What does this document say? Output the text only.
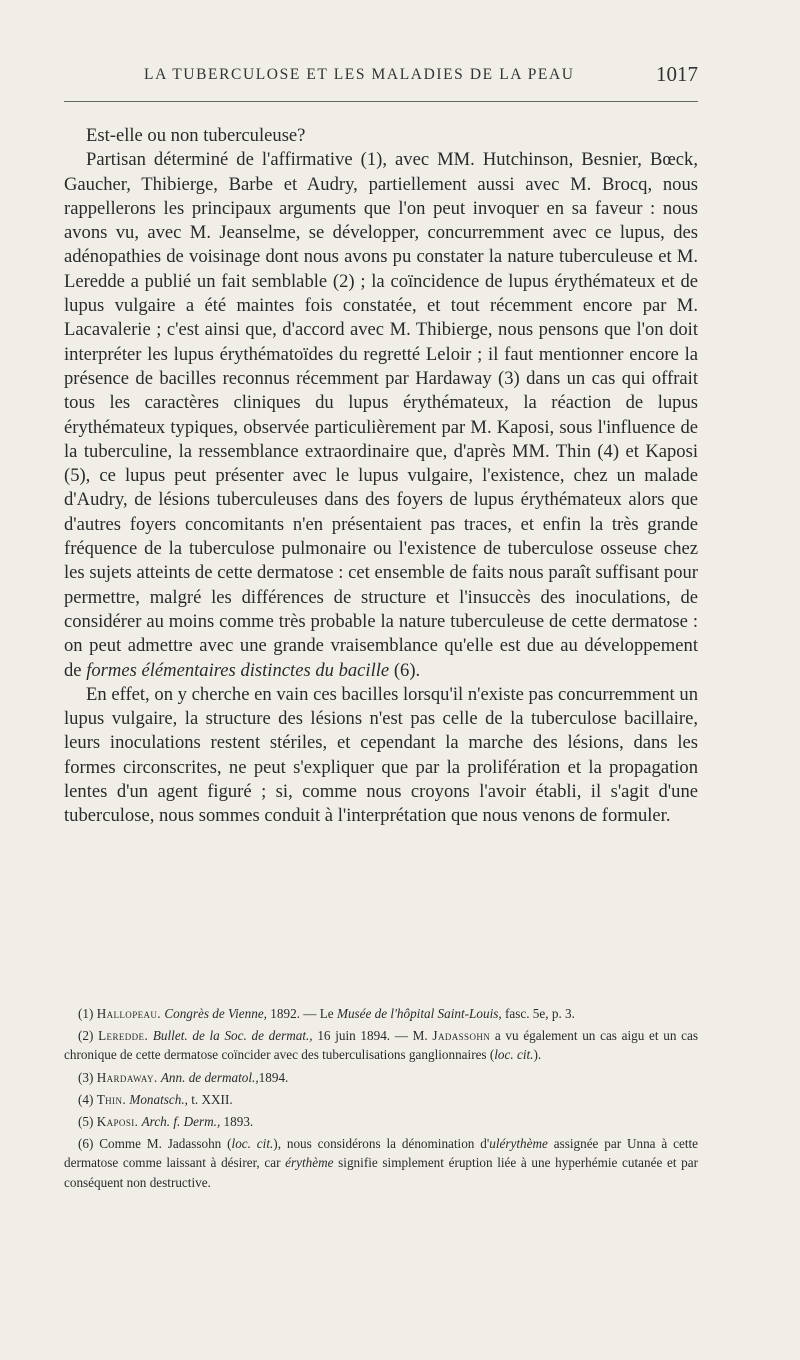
LA TUBERCULOSE ET LES MALADIES DE LA PEAU	1017

Est-elle ou non tuberculeuse?

Partisan déterminé de l'affirmative (1), avec MM. Hutchinson, Besnier, Bœck, Gaucher, Thibierge, Barbe et Audry, partiellement aussi avec M. Brocq, nous rappellerons les principaux arguments que l'on peut invoquer en sa faveur : nous avons vu, avec M. Jeanselme, se développer, concurremment avec ce lupus, des adénopathies de voisinage dont nous avons pu constater la nature tuberculeuse et M. Leredde a publié un fait semblable (2) ; la coïncidence de lupus érythémateux et de lupus vulgaire a été maintes fois constatée, et tout récemment encore par M. Lacavalerie ; c'est ainsi que, d'accord avec M. Thibierge, nous pensons que l'on doit interpréter les lupus érythématoïdes du regretté Leloir ; il faut mentionner encore la présence de bacilles reconnus récemment par Hardaway (3) dans un cas qui offrait tous les caractères cliniques du lupus érythémateux, la réaction de lupus érythémateux typiques, observée particulièrement par M. Kaposi, sous l'influence de la tuberculine, la ressemblance extraordinaire que, d'après MM. Thin (4) et Kaposi (5), ce lupus peut présenter avec le lupus vulgaire, l'existence, chez un malade d'Audry, de lésions tuberculeuses dans des foyers de lupus érythémateux alors que d'autres foyers concomitants n'en présentaient pas traces, et enfin la très grande fréquence de la tuberculose pulmonaire ou l'existence de tuberculose osseuse chez les sujets atteints de cette dermatose : cet ensemble de faits nous paraît suffisant pour permettre, malgré les différences de structure et l'insuccès des inoculations, de considérer au moins comme très probable la nature tuberculeuse de cette dermatose : on peut admettre avec une grande vraisemblance qu'elle est due au développement de formes élémentaires distinctes du bacille (6).

En effet, on y cherche en vain ces bacilles lorsqu'il n'existe pas concurremment un lupus vulgaire, la structure des lésions n'est pas celle de la tuberculose bacillaire, leurs inoculations restent stériles, et cependant la marche des lésions, dans les formes circonscrites, ne peut s'expliquer que par la prolifération et la propagation lentes d'un agent figuré ; si, comme nous croyons l'avoir établi, il s'agit d'une tuberculose, nous sommes conduit à l'interprétation que nous venons de formuler.

(1) Hallopeau. Congrès de Vienne, 1892. — Le Musée de l'hôpital Saint-Louis, fasc. 5e, p. 3.

(2) Leredde. Bullet. de la Soc. de dermat., 16 juin 1894. — M. Jadassohn a vu également un cas aigu et un cas chronique de cette dermatose coïncider avec des tuberculisations ganglionnaires (loc. cit.).

(3) Hardaway. Ann. de dermatol.,1894.

(4) Thin. Monatsch., t. XXII.

(5) Kaposi. Arch. f. Derm., 1893.

(6) Comme M. Jadassohn (loc. cit.), nous considérons la dénomination d'ulérythème assignée par Unna à cette dermatose comme laissant à désirer, car érythème signifie simplement éruption liée à une hyperhémie cutanée et par conséquent non destructive.
